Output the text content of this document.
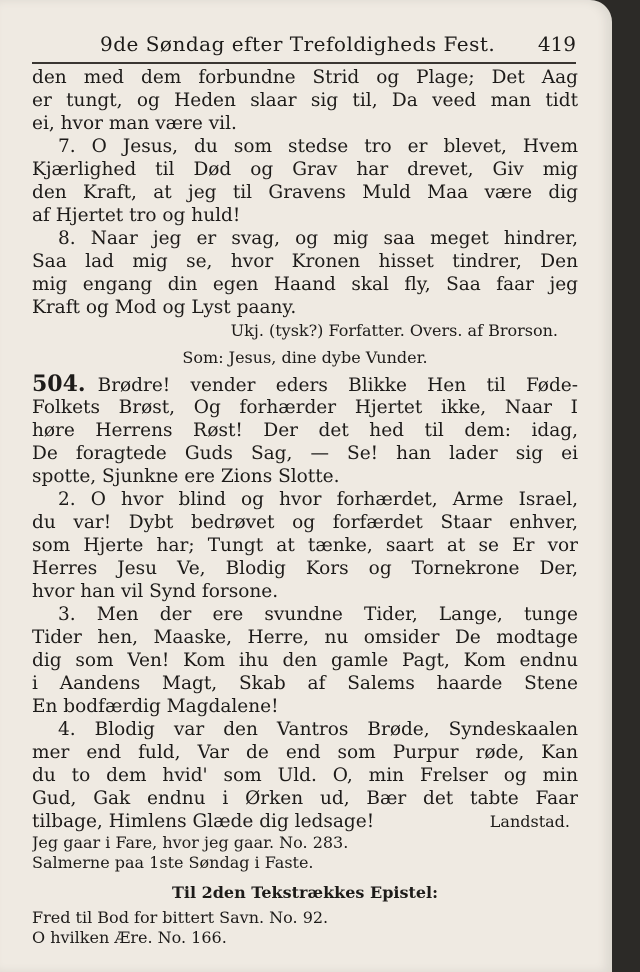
9de Søndag efter Trefoldigheds Fest. 419
den med dem forbundne Strid og Plage; Det Aag
er tungt, og Heden slaar sig til, Da veed man tidt
ei, hvor man være vil.
7. O Jesus, du som stedse tro er blevet, Hvem
Kjærlighed til Død og Grav har drevet, Giv mig
den Kraft, at jeg til Gravens Muld Maa være dig
af Hjertet tro og huld!
8. Naar jeg er svag, og mig saa meget hindrer,
Saa lad mig se, hvor Kronen hisset tindrer, Den
mig engang din egen Haand skal fly, Saa faar jeg
Kraft og Mod og Lyst paany.
Ukj. (tysk?) Forfatter. Overs. af Brorson.
Som: Jesus, dine dybe Vunder.
504. Brødre! vender eders Blikke Hen til Føde-
Folkets Brøst, Og forhærder Hjertet ikke, Naar I
høre Herrens Røst! Der det hed til dem: idag,
De foragtede Guds Sag, — Se! han lader sig ei
spotte, Sjunkne ere Zions Slotte.
2. O hvor blind og hvor forhærdet, Arme Israel,
du var! Dybt bedrøvet og forfærdet Staar enhver,
som Hjerte har; Tungt at tænke, saart at se Er vor
Herres Jesu Ve, Blodig Kors og Tornekrone Der,
hvor han vil Synd forsone.
3. Men der ere svundne Tider, Lange, tunge
Tider hen, Maaske, Herre, nu omsider De modtage
dig som Ven! Kom ihu den gamle Pagt, Kom endnu
i Aandens Magt, Skab af Salems haarde Stene
En bodfærdig Magdalene!
4. Blodig var den Vantros Brøde, Syndeskaalen
mer end fuld, Var de end som Purpur røde, Kan
du to dem hvid' som Uld. O, min Frelser og min
Gud, Gak endnu i Ørken ud, Bær det tabte Faar
tilbage, Himlens Glæde dig ledsage!	Landstad.
Jeg gaar i Fare, hvor jeg gaar. No. 283.
Salmerne paa 1ste Søndag i Faste.
Til 2den Tekstrækkes Epistel:
Fred til Bod for bittert Savn. No. 92.
O hvilken Ære. No. 166.
